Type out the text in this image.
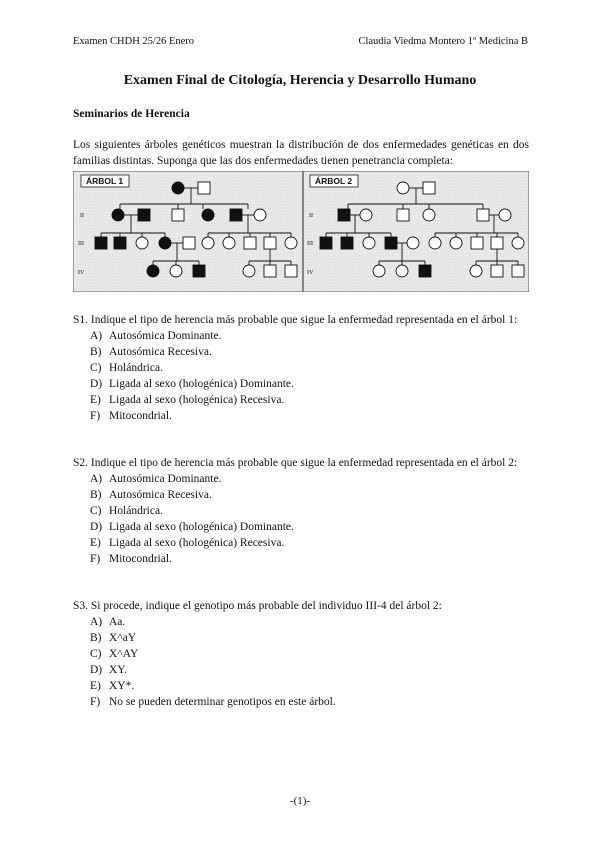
Examen CHDH 25/26 Enero	Claudia Viedma Montero 1º Medicina B
Examen Final de Citología, Herencia y Desarrollo Humano
Seminarios de Herencia
Los siguientes árboles genéticos muestran la distribución de dos enfermedades genéticas en dos familias distintas. Suponga que las dos enfermedades tienen penetrancia completa:
ÁRBOL 1
II
III
IV
ÁRBOL 2
II
III
IV

S1. Indique el tipo de herencia más probable que sigue la enfermedad representada en el árbol 1:

A) Autosómica Dominante.
B) Autosómica Recesiva.
C) Holándrica.
D) Ligada al sexo (hologénica) Dominante.
E) Ligada al sexo (hologénica) Recesiva.
F) Mitocondrial.

S2. Indique el tipo de herencia más probable que sigue la enfermedad representada en el árbol 2:

A) Autosómica Dominante.
B) Autosómica Recesiva.
C) Holándrica.
D) Ligada al sexo (hologénica) Dominante.
E) Ligada al sexo (hologénica) Recesiva.
F) Mitocondrial.

S3. Si procede, indique el genotipo más probable del individuo III-4 del árbol 2:

A) Aa.
B) X^aY
C) X^AY
D) XY.
E) XY*.
F) No se pueden determinar genotipos en este árbol.
-(1)-
